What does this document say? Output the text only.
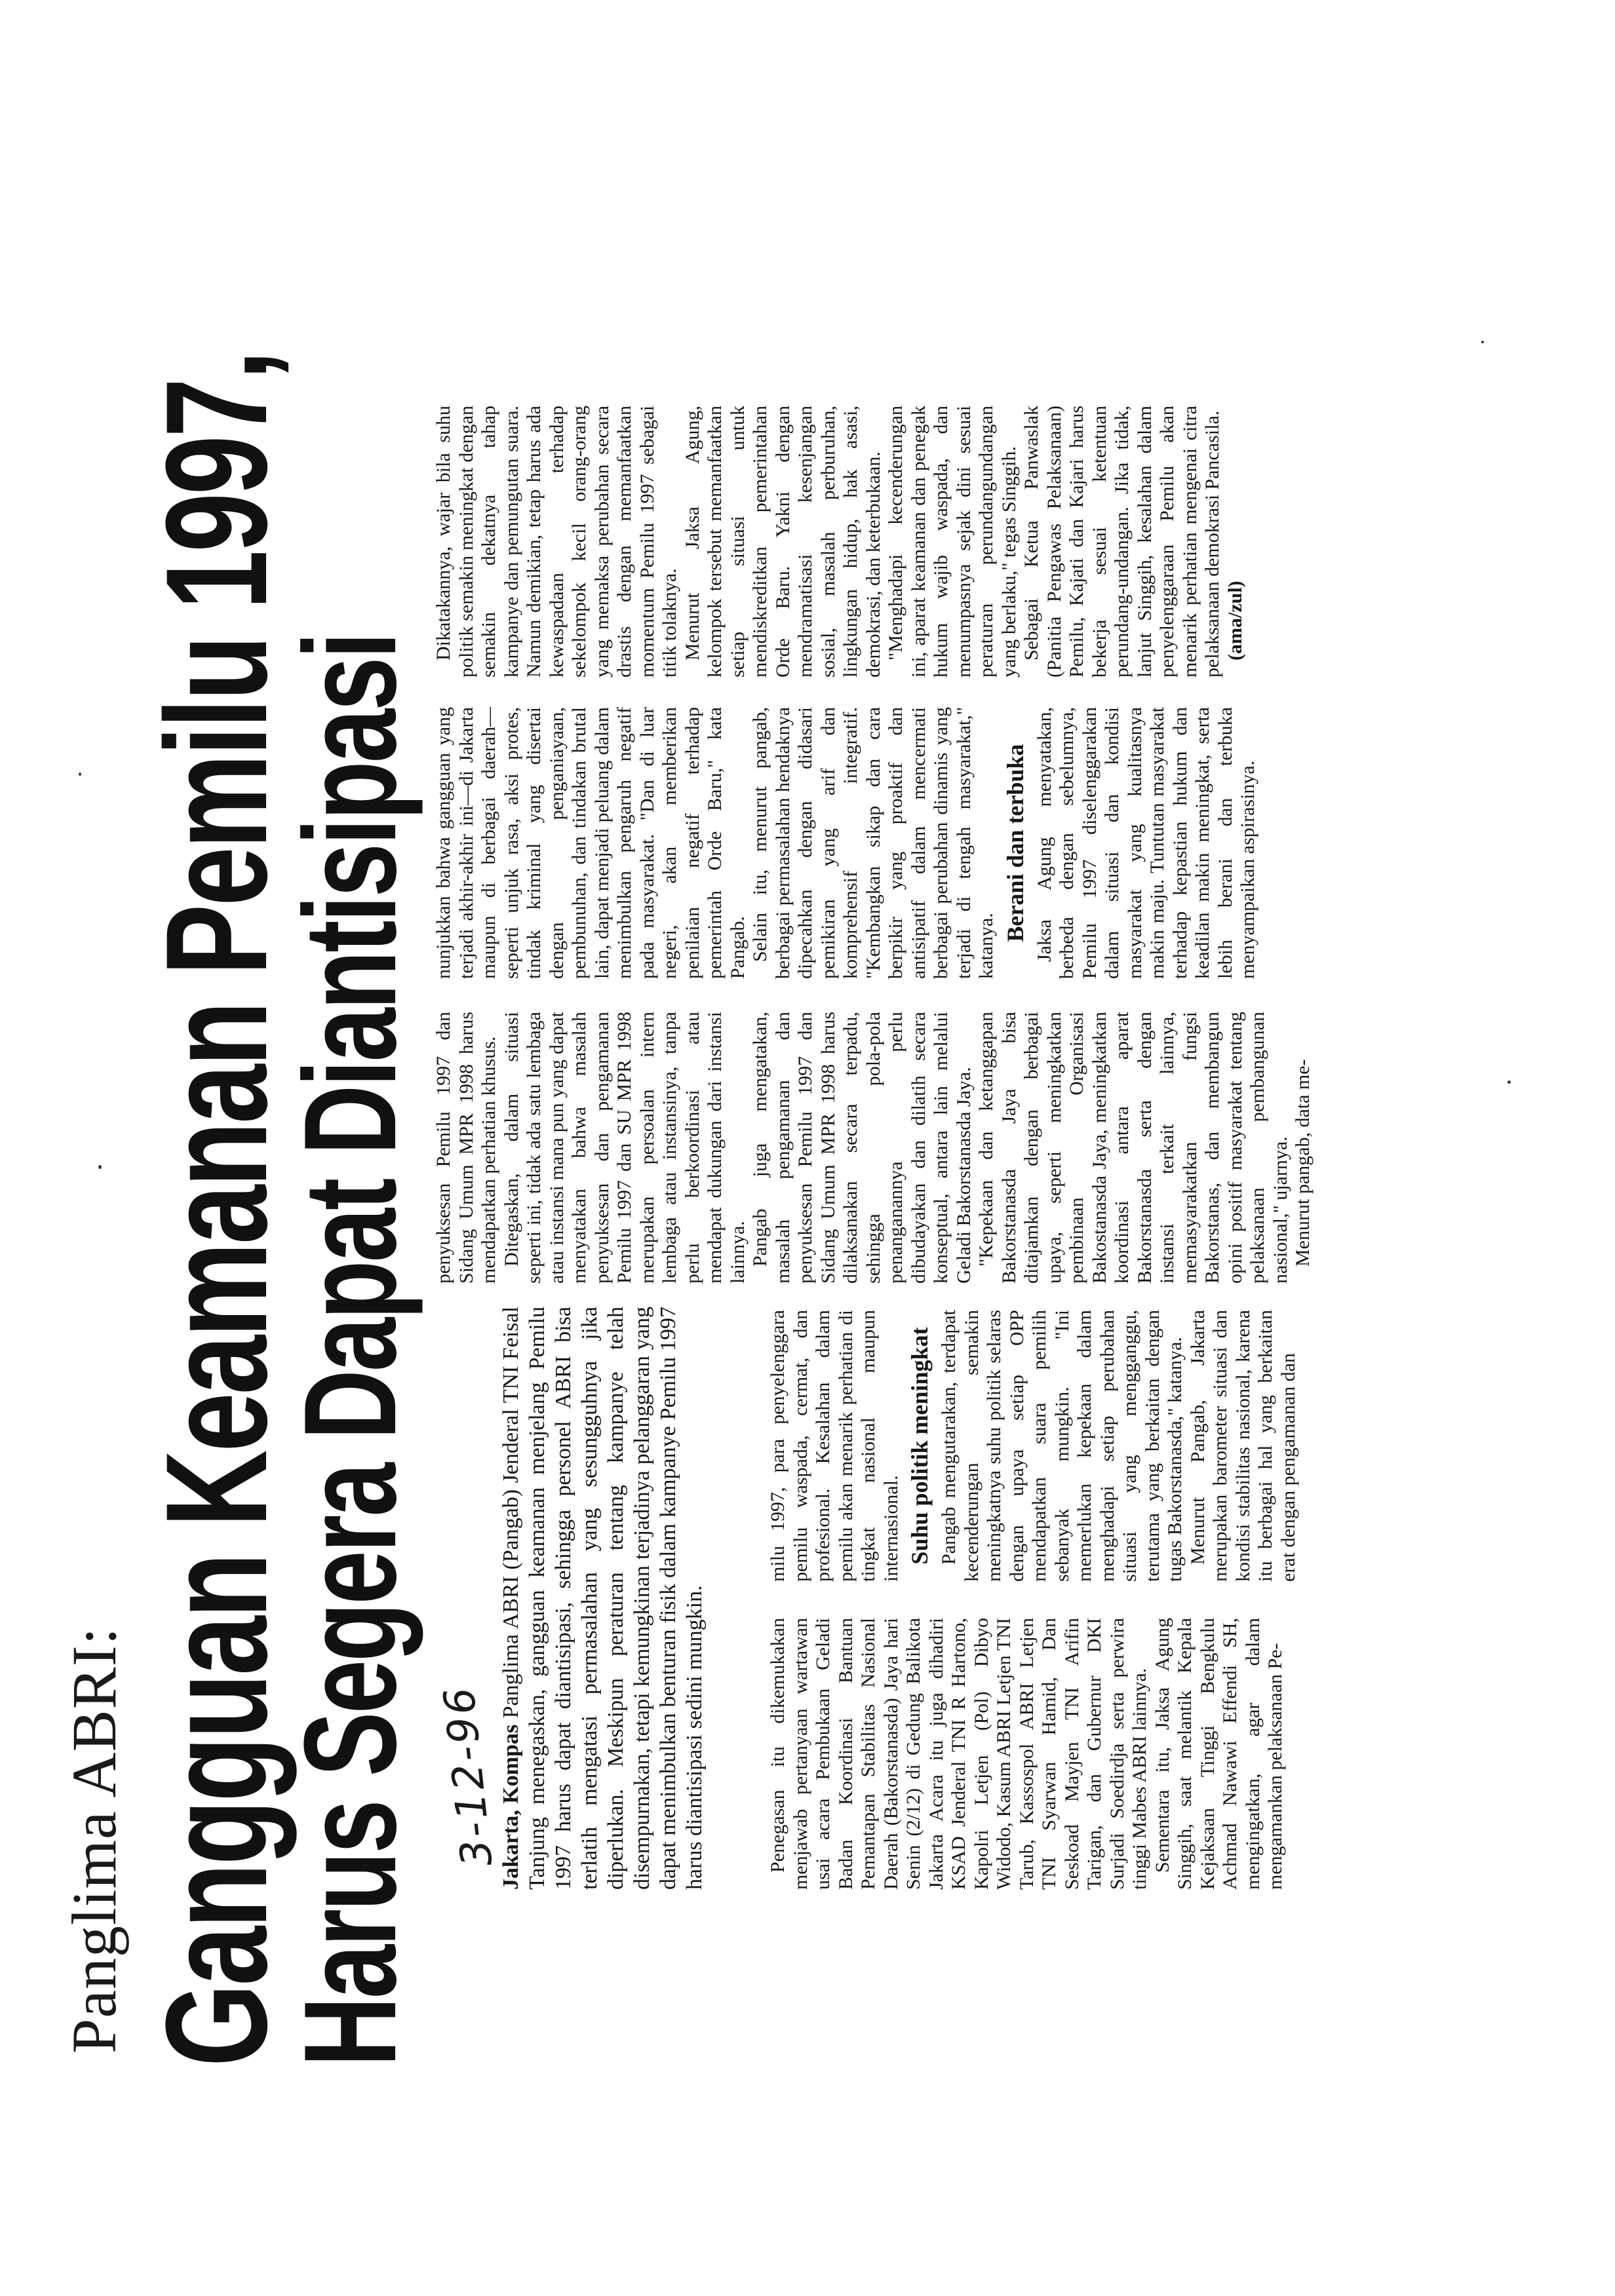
Panglima ABRI: Gangguan Keamanan Pemilu 1997,
Harus Segera Dapat Diantisipasi 3-12-96

Jakarta, Kompas Panglima ABRI (Pangab) Jenderal TNI Feisal Tanjung menegaskan, gangguan keamanan menjelang Pemilu 1997 harus dapat diantisipasi, sehingga personel ABRI bisa terlatih mengatasi permasalahan yang sesungguhnya jika diperlukan. Meskipun peraturan tentang kampanye telah disempurnakan, tetapi kemungkinan terjadinya pelanggaran yang dapat menimbulkan benturan fisik dalam kampanye Pemilu 1997 harus diantisipasi sedini mungkin.	Penegasan itu dikemukakan menjawab pertanyaan wartawan usai acara Pembukaan Geladi Badan Koordinasi Bantuan Pemantapan Stabilitas Nasional Daerah (Bakorstanasda) Jaya hari Senin (2/12) di Gedung Balikota Jakarta Acara itu juga dihadiri KSAD Jenderal TNI R Hartono, Kapolri Letjen (Pol) Dibyo Widodo, Kasum ABRI Letjen TNI Tarub, Kassospol ABRI Letjen TNI Syarwan Hamid, Dan Seskoad Mayjen TNI Arifin Tarigan, dan Gubernur DKI Surjadi Soedirdja serta perwira tinggi Mabes ABRI lainnya. Sementara itu, Jaksa Agung Singgih, saat melantik Kepala Kejaksaan Tinggi Bengkulu Achmad Nawawi Effendi SH, mengingatkan, agar dalam mengamankan pelaksanaan Pe-

milu 1997, para penyelenggara pemilu waspada, cermat, dan profesional. Kesalahan dalam pemilu akan menarik perhatian di tingkat nasional maupun internasional. Suhu politik meningkat Pangab mengutarakan, terdapat kecenderungan semakin meningkatnya suhu politik selaras dengan upaya setiap OPP mendapatkan suara pemilih sebanyak mungkin. "Ini memerlukan kepekaan dalam menghadapi setiap perubahan situasi yang mengganggu, terutama yang berkaitan dengan tugas Bakorstanasda," katanya. Menurut Pangab, Jakarta merupakan barometer situasi dan kondisi stabilitas nasional, karena itu berbagai hal yang berkaitan erat dengan pengamanan dan

penyuksesan Pemilu 1997 dan Sidang Umum MPR 1998 harus mendapatkan perhatian khusus. Ditegaskan, dalam situasi seperti ini, tidak ada satu lembaga atau instansi mana pun yang dapat menyatakan bahwa masalah penyuksesan dan pengamanan Pemilu 1997 dan SU MPR 1998 merupakan persoalan intern lembaga atau instansinya, tanpa perlu berkoordinasi atau mendapat dukungan dari instansi lainnya. Pangab juga mengatakan, masalah pengamanan dan penyuksesan Pemilu 1997 dan Sidang Umum MPR 1998 harus dilaksanakan secara terpadu, sehingga pola-pola penanganannya perlu dibudayakan dan dilatih secara konseptual, antara lain melalui Geladi Bakorstanasda Jaya. "Kepekaan dan ketanggapan Bakorstanasda Jaya bisa ditajamkan dengan berbagai upaya, seperti meningkatkan pembinaan Organisasi Bakostanasda Jaya, meningkatkan koordinasi antara aparat Bakorstanasda serta dengan instansi terkait lainnya, memasyarakatkan fungsi Bakorstanas, dan membangun opini positif masyarakat tentang pelaksanaan pembangunan nasional," ujarnya. Menurut pangab, data me-

nunjukkan bahwa gangguan yang terjadi akhir-akhir ini—di Jakarta maupun di berbagai daerah—seperti unjuk rasa, aksi protes, tindak kriminal yang disertai dengan penganiayaan, pembunuhan, dan tindakan brutal lain, dapat menjadi peluang dalam menimbulkan pengaruh negatif pada masyarakat. "Dan di luar negeri, akan memberikan penilaian negatif terhadap pemerintah Orde Baru," kata Pangab. Selain itu, menurut pangab, berbagai permasalahan hendaknya dipecahkan dengan didasari pemikiran yang arif dan komprehensif integratif. "Kembangkan sikap dan cara berpikir yang proaktif dan antisipatif dalam mencermati berbagai perubahan dinamis yang terjadi di tengah masyarakat," katanya.

Berani dan terbuka Jaksa Agung menyatakan, berbeda dengan sebelumnya, Pemilu 1997 diselenggarakan dalam situasi dan kondisi masyarakat yang kualitasnya makin maju. Tuntutan masyarakat terhadap kepastian hukum dan keadilan makin meningkat, serta lebih berani dan terbuka menyampaikan aspirasinya.

Dikatakannya, wajar bila suhu politik semakin meningkat dengan semakin dekatnya tahap kampanye dan pemungutan suara. Namun demikian, tetap harus ada kewaspadaan terhadap sekelompok kecil orang-orang yang memaksa perubahan secara drastis dengan memanfaatkan momentum Pemilu 1997 sebagai titik tolaknya. Menurut Jaksa Agung, kelompok tersebut memanfaatkan setiap situasi untuk mendiskreditkan pemerintahan Orde Baru. Yakni dengan mendramatisasi kesenjangan sosial, masalah perburuhan, lingkungan hidup, hak asasi, demokrasi, dan keterbukaan. "Menghadapi kecenderungan ini, aparat keamanan dan penegak hukum wajib waspada, dan menumpasnya sejak dini sesuai peraturan perundangundangan yang berlaku," tegas Singgih. Sebagai Ketua Panwaslak (Panitia Pengawas Pelaksanaan) Pemilu, Kajati dan Kajari harus bekerja sesuai ketentuan perundang-undangan. Jika tidak, lanjut Singgih, kesalahan dalam penyelenggaraan Pemilu akan menarik perhatian mengenai citra pelaksanaan demokrasi Pancasila. (ama/zul)
